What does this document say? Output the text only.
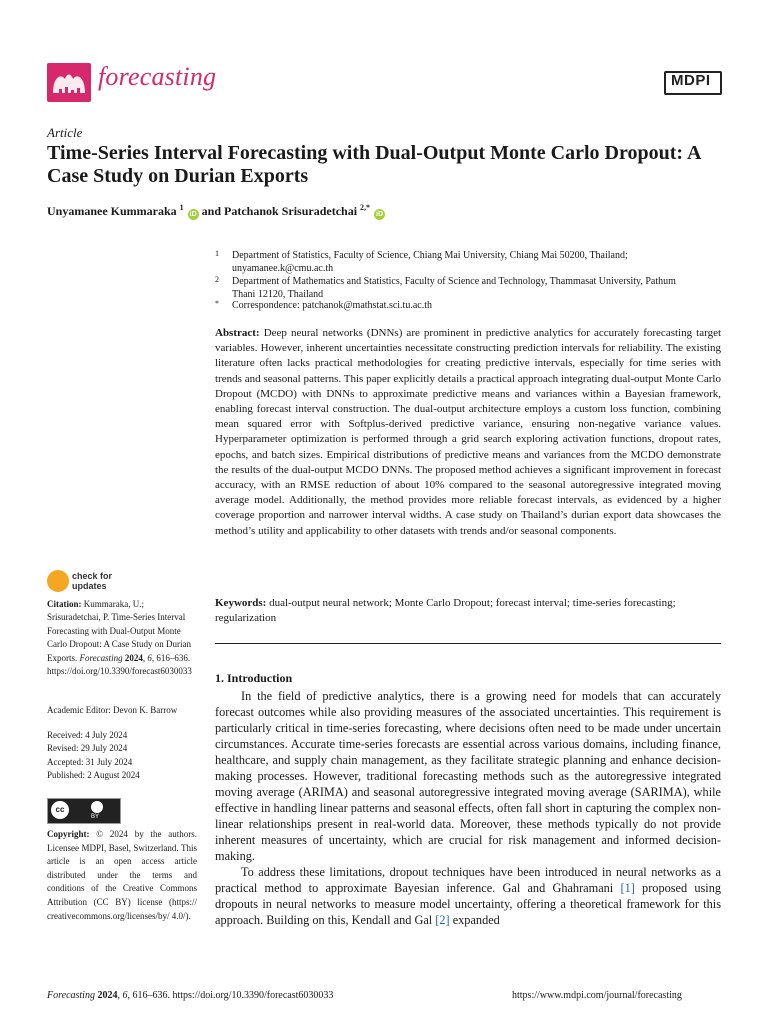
forecasting	MDPI
Article
Time-Series Interval Forecasting with Dual-Output Monte Carlo Dropout: A Case Study on Durian Exports
Unyamanee Kummaraka $^1$ iD and Patchanok Srisuradetchai $^{2,*}$ iD
1 Department of Statistics, Faculty of Science, Chiang Mai University, Chiang Mai 50200, Thailand; unyamanee.k@cmu.ac.th
2 Department of Mathematics and Statistics, Faculty of Science and Technology, Thammasat University, Pathum Thani 12120, Thailand
* Correspondence: patchanok@mathstat.sci.tu.ac.th
Abstract: Deep neural networks (DNNs) are prominent in predictive analytics for accurately forecasting target variables. However, inherent uncertainties necessitate constructing prediction intervals for reliability. The existing literature often lacks practical methodologies for creating predictive intervals, especially for time series with trends and seasonal patterns. This paper explicitly details a practical approach integrating dual-output Monte Carlo Dropout (MCDO) with DNNs to approximate predictive means and variances within a Bayesian framework, enabling forecast interval construction. The dual-output architecture employs a custom loss function, combining mean squared error with Softplus-derived predictive variance, ensuring non-negative variance values. Hyperparameter optimization is performed through a grid search exploring activation functions, dropout rates, epochs, and batch sizes. Empirical distributions of predictive means and variances from the MCDO demonstrate the results of the dual-output MCDO DNNs. The proposed method achieves a significant improvement in forecast accuracy, with an RMSE reduction of about 10% compared to the seasonal autoregressive integrated moving average model. Additionally, the method provides more reliable forecast intervals, as evidenced by a higher coverage proportion and narrower interval widths. A case study on Thailand’s durian export data showcases the method’s utility and applicability to other datasets with trends and/or seasonal components.
Keywords: dual-output neural network; Monte Carlo Dropout; forecast interval; time-series forecasting; regularization
check for
updates
Citation: Kummaraka, U.; Srisuradetchai, P. Time-Series Interval Forecasting with Dual-Output Monte Carlo Dropout: A Case Study on Durian Exports. Forecasting 2024, 6, 616–636. https://doi.org/10.3390/forecast6030033
Academic Editor: Devon K. Barrow
Received: 4 July 2024
Revised: 29 July 2024
Accepted: 31 July 2024
Published: 2 August 2024
cc
BY
Copyright: © 2024 by the authors. Licensee MDPI, Basel, Switzerland. This article is an open access article distributed under the terms and conditions of the Creative Commons Attribution (CC BY) license (https:// creativecommons.org/licenses/by/ 4.0/).
1. Introduction

In the field of predictive analytics, there is a growing need for models that can accurately forecast outcomes while also providing measures of the associated uncertainties. This requirement is particularly critical in time-series forecasting, where decisions often need to be made under uncertain circumstances. Accurate time-series forecasts are essential across various domains, including finance, healthcare, and supply chain management, as they facilitate strategic planning and enhance decision-making processes. However, traditional forecasting methods such as the autoregressive integrated moving average (ARIMA) and seasonal autoregressive integrated moving average (SARIMA), while effective in handling linear patterns and seasonal effects, often fall short in capturing the complex non-linear relationships present in real-world data. Moreover, these methods typically do not provide inherent measures of uncertainty, which are crucial for risk management and informed decision-making.

To address these limitations, dropout techniques have been introduced in neural networks as a practical method to approximate Bayesian inference. Gal and Ghahramani [1] proposed using dropouts in neural networks to measure model uncertainty, offering a theoretical framework for this approach. Building on this, Kendall and Gal [2] expanded

Forecasting 2024, 6, 616–636. https://doi.org/10.3390/forecast6030033	https://www.mdpi.com/journal/forecasting
